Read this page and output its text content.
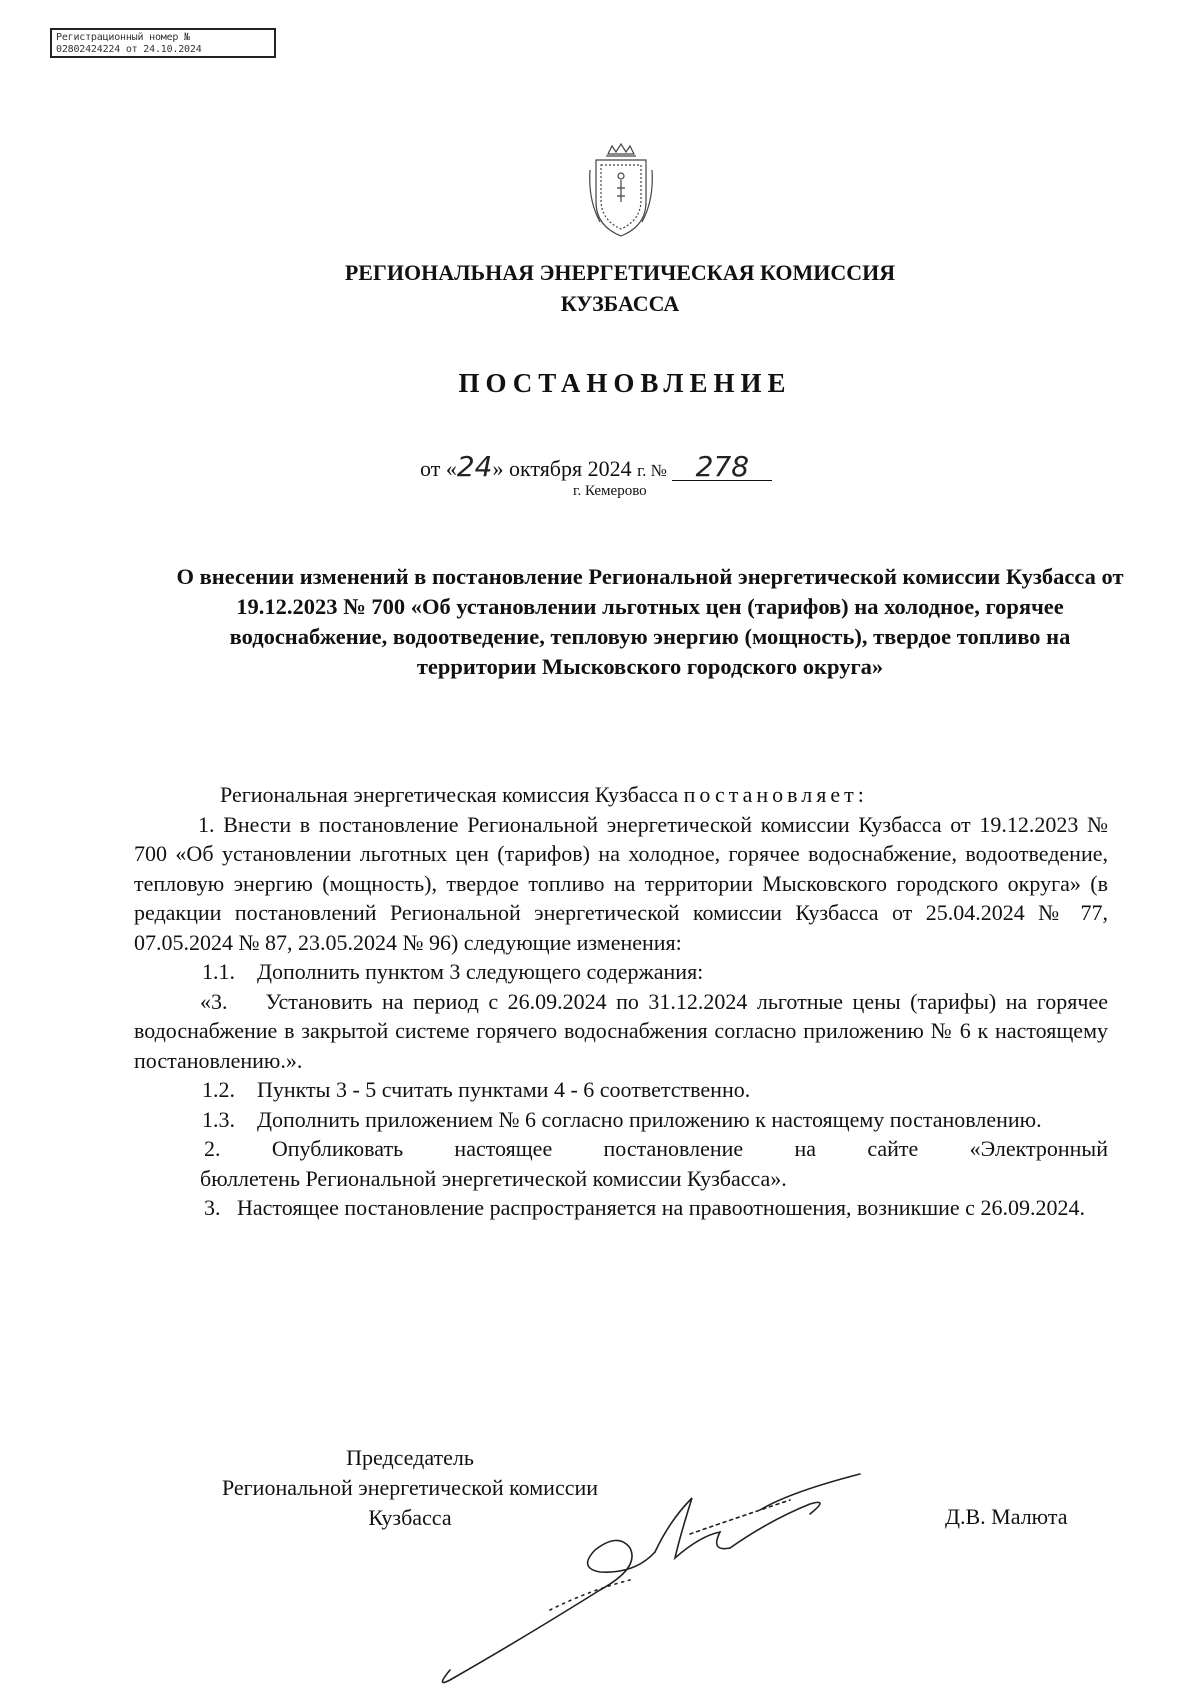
Регистрационный номер №
02802424224 от 24.10.2024
РЕГИОНАЛЬНАЯ ЭНЕРГЕТИЧЕСКАЯ КОМИССИЯ
КУЗБАССА
ПОСТАНОВЛЕНИЕ
от «24» октября 2024 г. № 278
г. Кемерово
О внесении изменений в постановление Региональной энергетической комиссии Кузбасса от 19.12.2023 № 700 «Об установлении льготных цен (тарифов) на холодное, горячее водоснабжение, водоотведение, тепловую энергию (мощность), твердое топливо на территории Мысковского городского округа»

Региональная энергетическая комиссия Кузбасса постановляет:

1. Внести в постановление Региональной энергетической комиссии Кузбасса от 19.12.2023 № 700 «Об установлении льготных цен (тарифов) на холодное, горячее водоснабжение, водоотведение, тепловую энергию (мощность), твердое топливо на территории Мысковского городского округа» (в редакции постановлений Региональной энергетической комиссии Кузбасса от 25.04.2024 № 77, 07.05.2024 № 87, 23.05.2024 № 96) следующие изменения:

1.1.    Дополнить пунктом 3 следующего содержания:

«3.    Установить на период с 26.09.2024 по 31.12.2024 льготные цены (тарифы) на горячее водоснабжение в закрытой системе горячего водоснабжения согласно приложению № 6 к настоящему постановлению.».

1.2.    Пункты 3 - 5 считать пунктами 4 - 6 соответственно.

1.3.    Дополнить приложением № 6 согласно приложению к настоящему постановлению.

2. Опубликовать настоящее постановление на сайте «Электронный

бюллетень Региональной энергетической комиссии Кузбасса».

3.   Настоящее постановление распространяется на правоотношения, возникшие с 26.09.2024.

Председатель
Региональной энергетической комиссии
Кузбасса	Д.В. Малюта
